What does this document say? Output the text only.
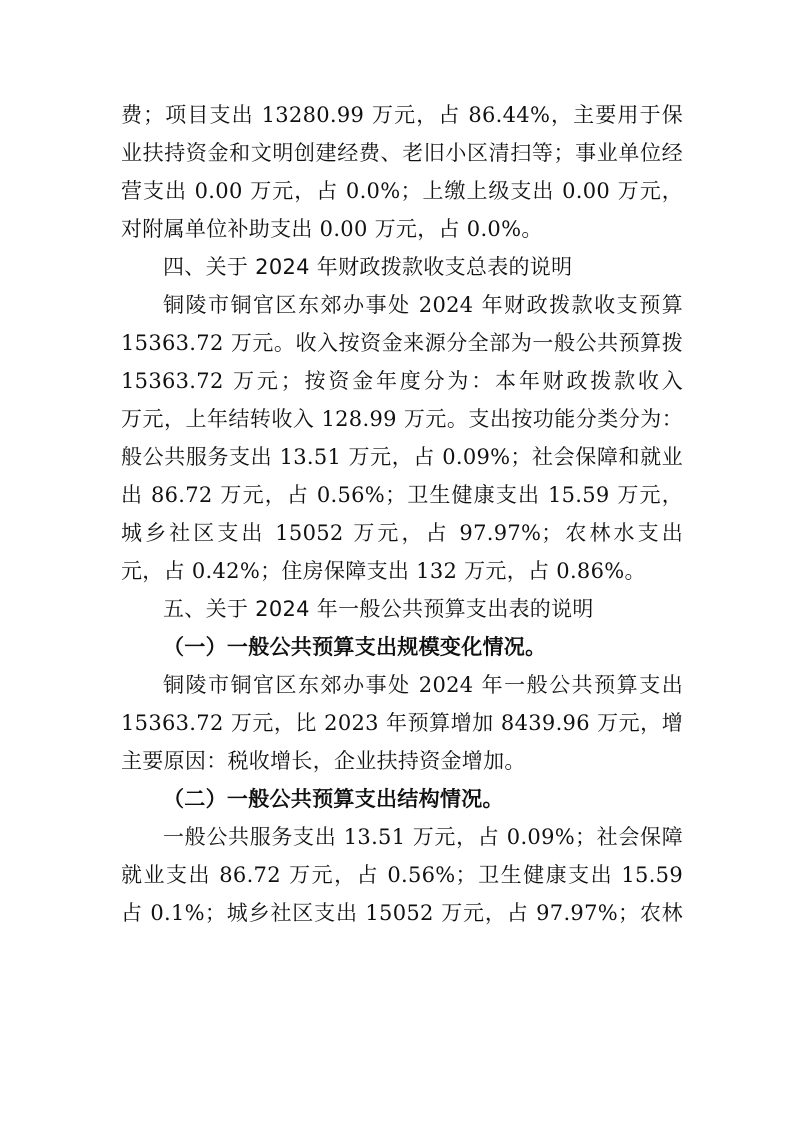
费；项目支出 13280.99 万元，占 86.44%，主要用于保
业扶持资金和文明创建经费、老旧小区清扫等；事业单位经
营支出 0.00 万元，占 0.0%；上缴上级支出 0.00 万元，
对附属单位补助支出 0.00 万元，占 0.0%。
四、关于 2024 年财政拨款收支总表的说明
铜陵市铜官区东郊办事处 2024 年财政拨款收支预算
15363.72 万元。收入按资金来源分全部为一般公共预算拨
15363.72 万元；按资金年度分为：本年财政拨款收入
万元，上年结转收入 128.99 万元。支出按功能分类分为：
般公共服务支出 13.51 万元，占 0.09%；社会保障和就业
出 86.72 万元，占 0.56%；卫生健康支出 15.59 万元，
城乡社区支出 15052 万元，占 97.97%；农林水支出
元，占 0.42%；住房保障支出 132 万元，占 0.86%。
五、关于 2024 年一般公共预算支出表的说明
（一）一般公共预算支出规模变化情况。
铜陵市铜官区东郊办事处 2024 年一般公共预算支出
15363.72 万元，比 2023 年预算增加 8439.96 万元，增
主要原因：税收增长，企业扶持资金增加。
（二）一般公共预算支出结构情况。
一般公共服务支出 13.51 万元，占 0.09%；社会保障
就业支出 86.72 万元，占 0.56%；卫生健康支出 15.59
占 0.1%；城乡社区支出 15052 万元，占 97.97%；农林
